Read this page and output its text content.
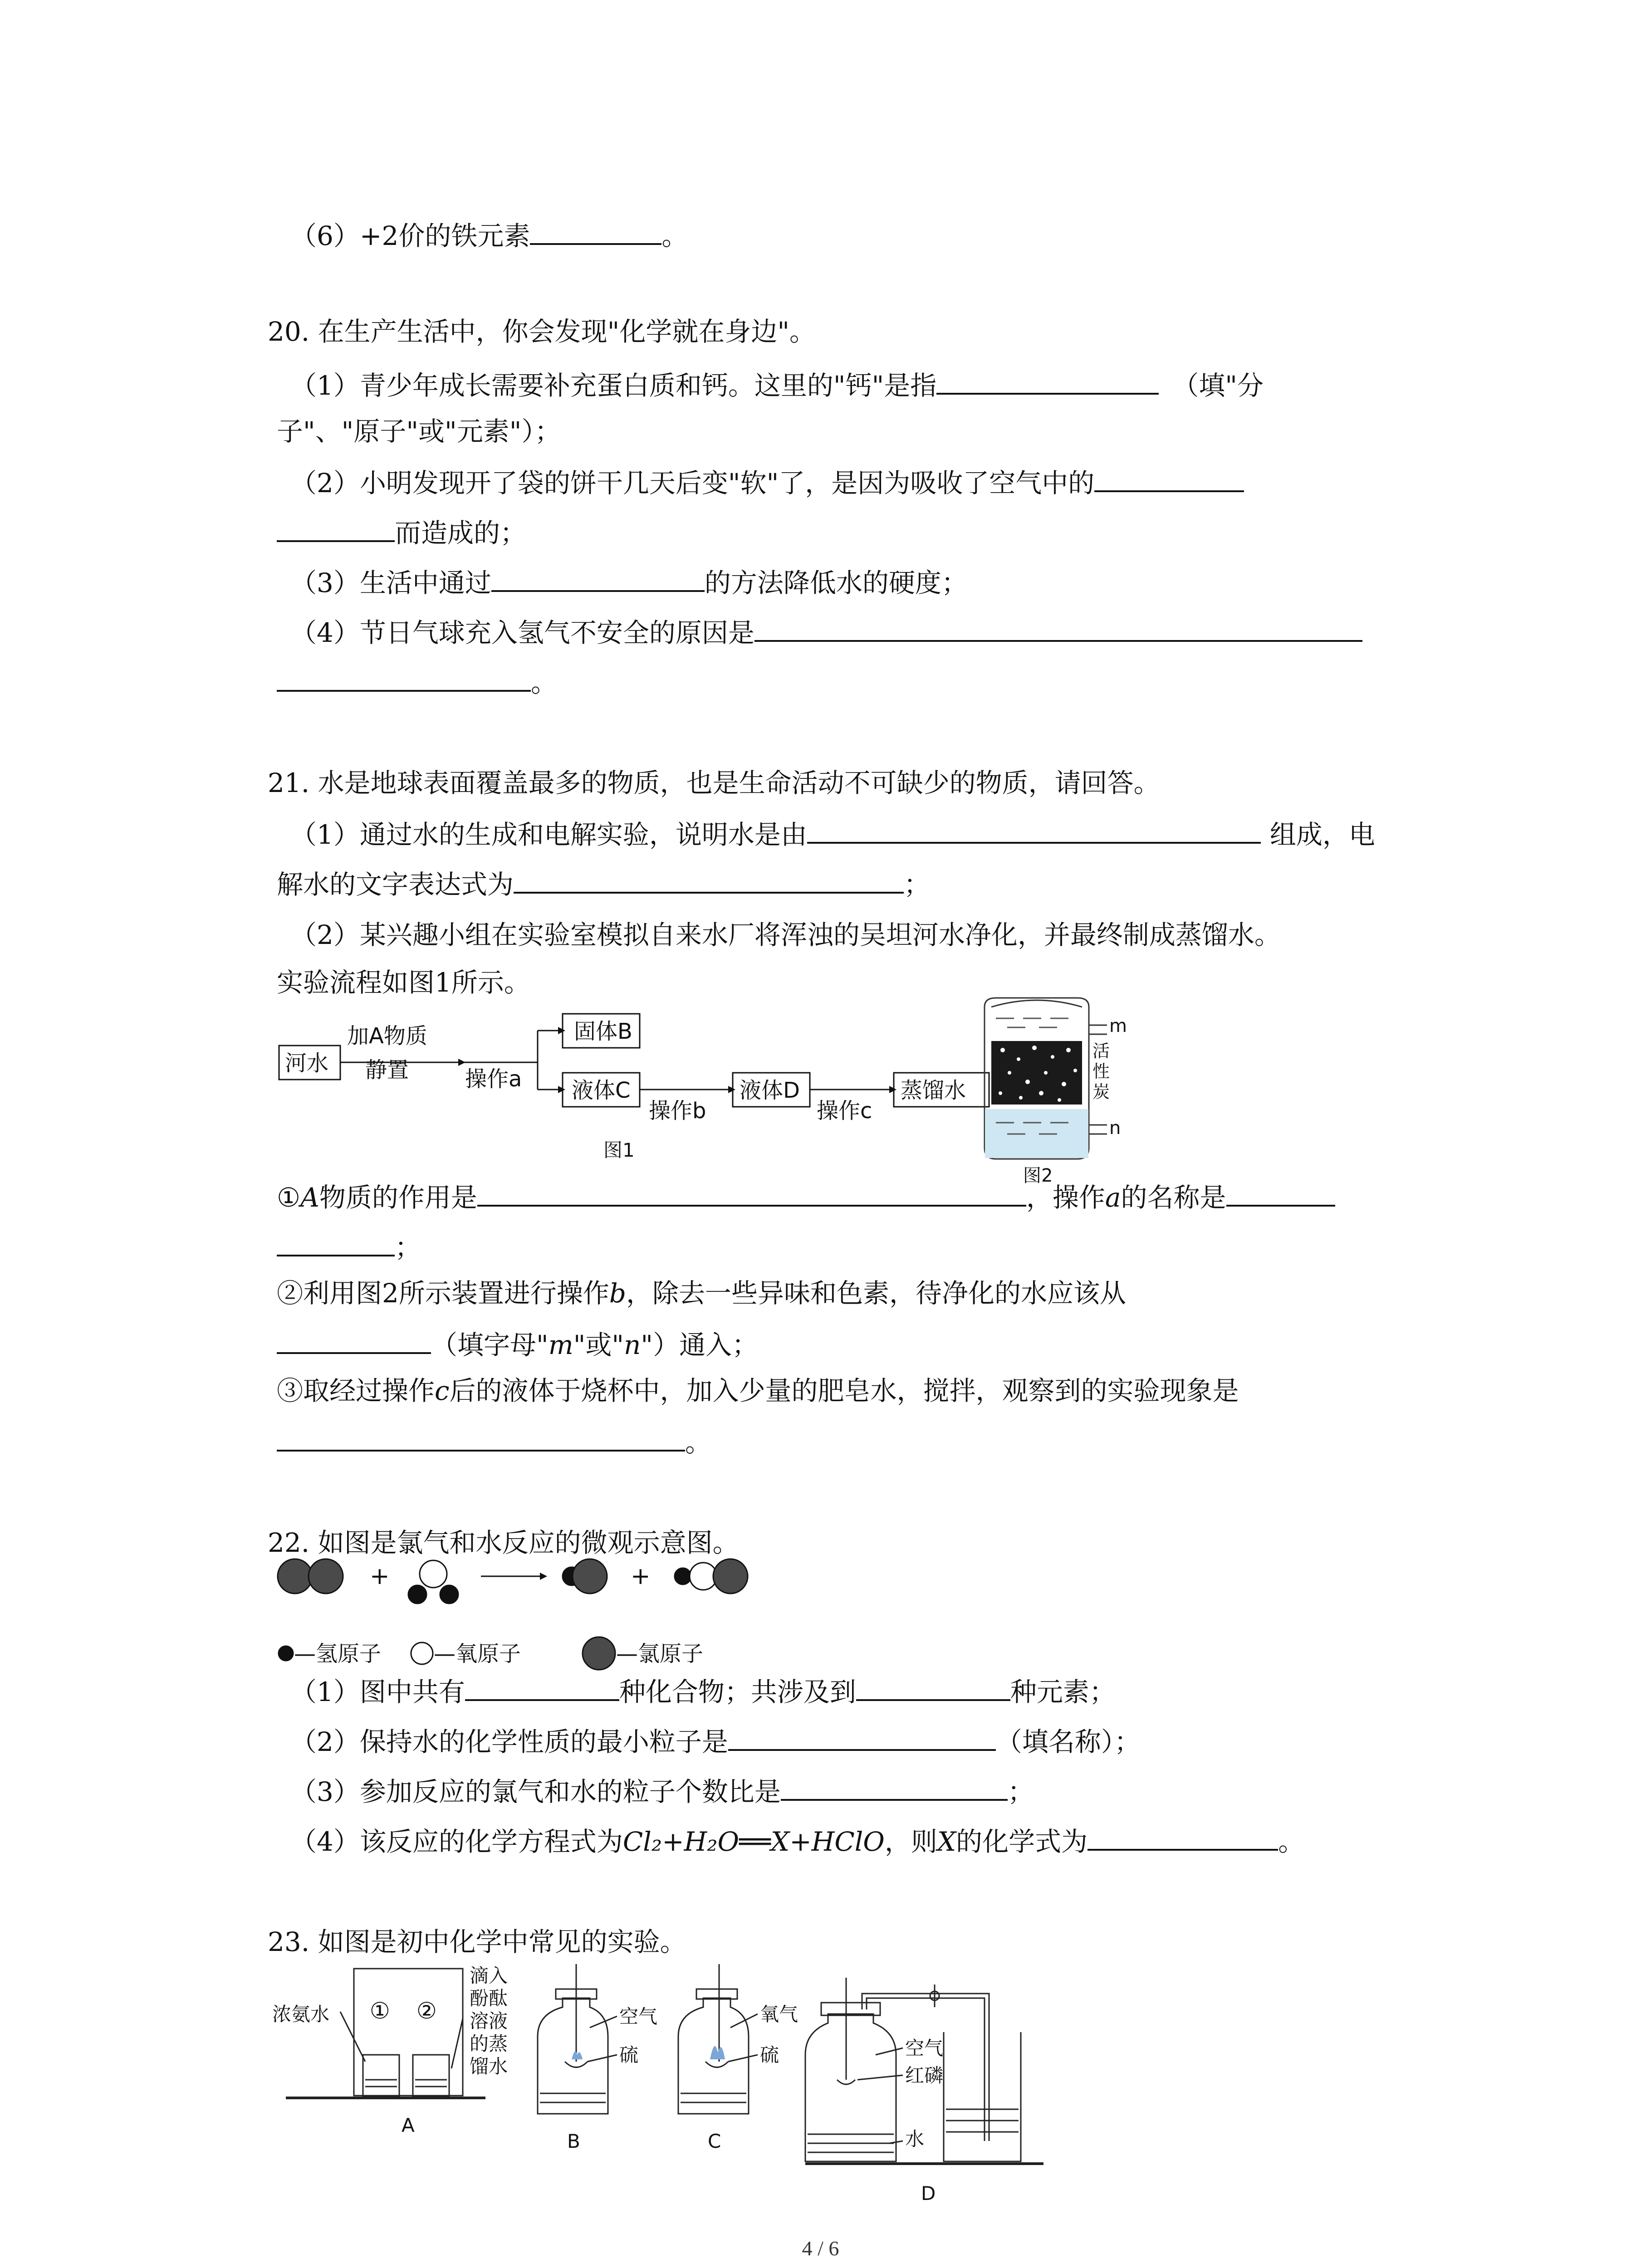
（6）+2价的铁元素	。
20. 在生产生活中，你会发现"化学就在身边"。
（1）青少年成长需要补充蛋白质和钙。这里的"钙"是指	（填"分
子"、"原子"或"元素"）；
（2）小明发现开了袋的饼干几天后变"软"了，是因为吸收了空气中的
而造成的；
（3）生活中通过	的方法降低水的硬度；
（4）节日气球充入氢气不安全的原因是
。
21. 水是地球表面覆盖最多的物质，也是生命活动不可缺少的物质，请回答。
（1）通过水的生成和电解实验，说明水是由	组成，电
解水的文字表达式为	；
（2）某兴趣小组在实验室模拟自来水厂将浑浊的吴坦河水净化，并最终制成蒸馏水。
实验流程如图1所示。
河水
加A物质
静置	操作a
固体B
液体C
操作b
液体D
操作c
蒸馏水
图1
m
n
活
性
炭
图2
①A物质的作用是	，操作a的名称是
；
②利用图2所示装置进行操作b，除去一些异味和色素，待净化的水应该从
（填字母"m"或"n"）通入；
③取经过操作c后的液体于烧杯中，加入少量的肥皂水，搅拌，观察到的实验现象是
。
22. 如图是氯气和水反应的微观示意图。
+	+
—氢原子 —氧原子	—氯原子
（1）图中共有	种化合物；共涉及到	种元素；
（2）保持水的化学性质的最小粒子是	（填名称）；
（3）参加反应的氯气和水的粒子个数比是	；
（4）该反应的化学方程式为Cl₂+H₂O══X+HClO，则X的化学式为	。
23. 如图是初中化学中常见的实验。
浓氨水 ① ②
滴入
酚酞
溶液
的蒸
馏水
A
空气
硫
B
氧气
硫
C
空气
红磷
水
D
4 / 6
